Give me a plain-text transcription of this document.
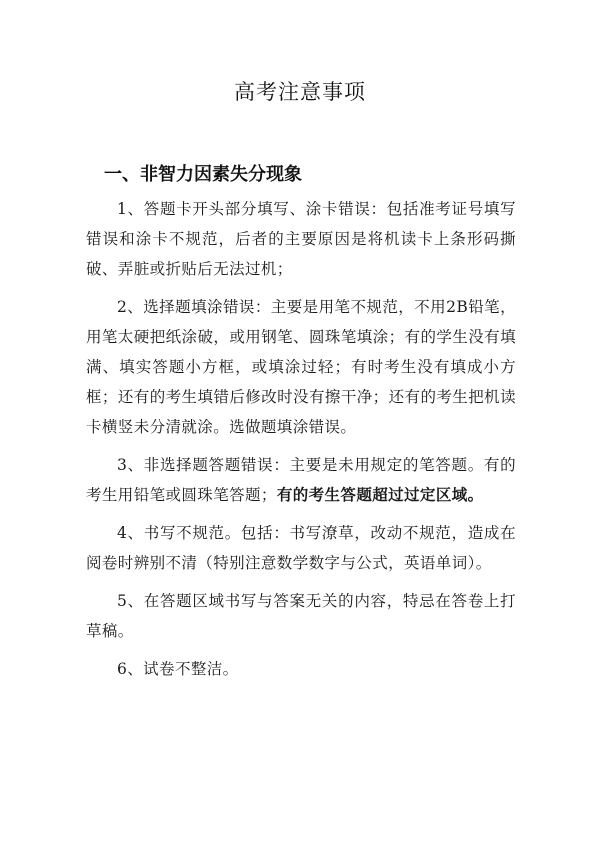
高考注意事项
一、非智力因素失分现象

1、答题卡开头部分填写、涂卡错误：包括准考证号填写错误和涂卡不规范，后者的主要原因是将机读卡上条形码撕破、弄脏或折贴后无法过机；

2、选择题填涂错误：主要是用笔不规范，不用2B铅笔，用笔太硬把纸涂破，或用钢笔、圆珠笔填涂；有的学生没有填满、填实答题小方框，或填涂过轻；有时考生没有填成小方框；还有的考生填错后修改时没有擦干净；还有的考生把机读卡横竖未分清就涂。选做题填涂错误。

3、非选择题答题错误：主要是未用规定的笔答题。有的考生用铅笔或圆珠笔答题；有的考生答题超过过定区域。

4、书写不规范。包括：书写潦草，改动不规范，造成在阅卷时辨别不清（特别注意数学数字与公式，英语单词）。

5、在答题区域书写与答案无关的内容，特忌在答卷上打草稿。

6、试卷不整洁。
